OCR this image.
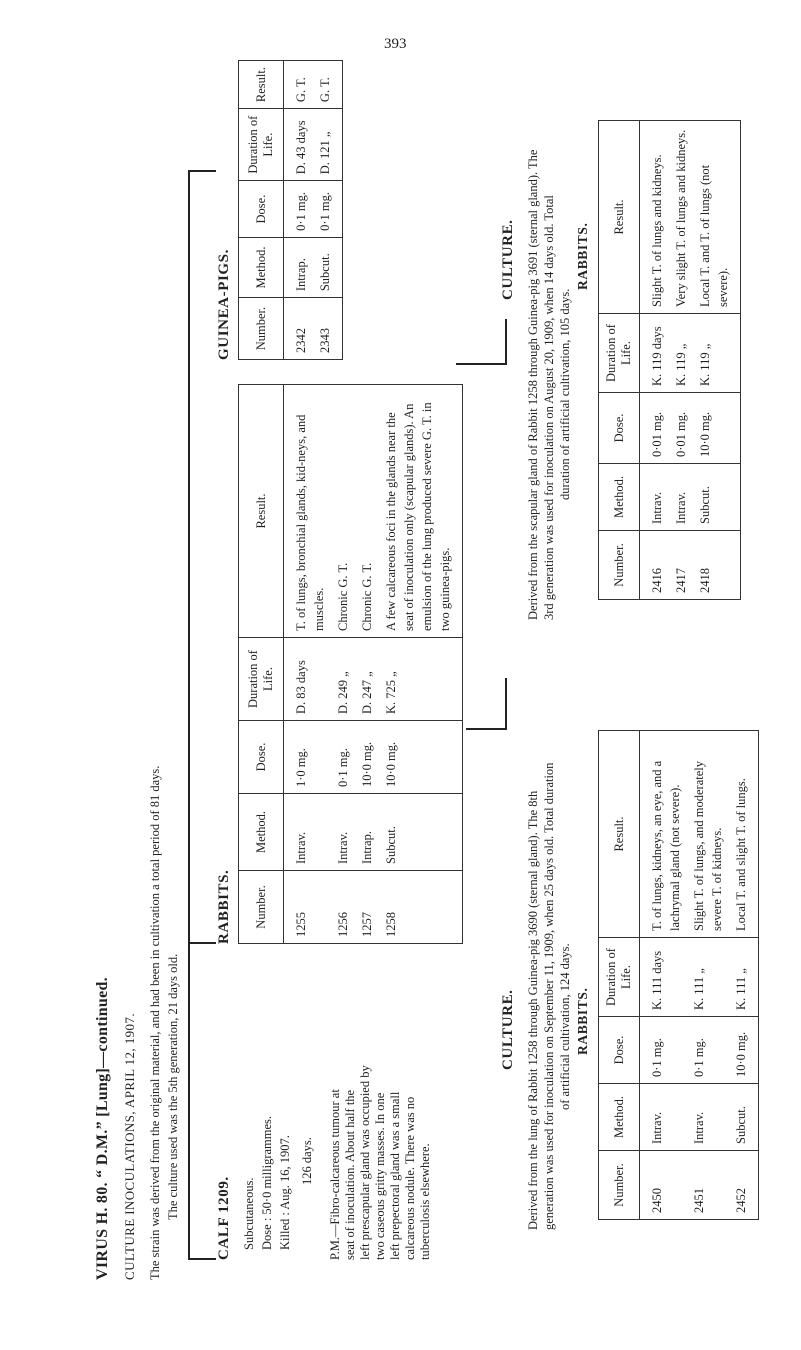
393
VIRUS H. 80. “ D.M.” [Lung]—continued. CULTURE INOCULATIONS, APRIL 12, 1907. The strain was derived from the original material, and had been in cultivation a total period of 81 days. The culture used was the 5th generation, 21 days old. CALF 1209. Subcutaneous. Dose : 50·0 milligrammes. Killed : Aug. 16, 1907. 126 days. P.M.—Fibro-calcareous tumour at seat of inoculation. About half the left prescapular gland was occupied by two caseous gritty masses. In one left prepectoral gland was a small calcareous nodule. There was no tuberculosis elsewhere.
RABBITS. Number.	Method.	Dose.	Duration of Life.	Result.
1255	Intrav.	1·0 mg.	D. 83 days	T. of lungs, bronchial glands, kid-neys, and muscles.
1256	Intrav.	0·1 mg.	D. 249 „	Chronic G. T.
1257	Intrap.	10·0 mg.	D. 247 „	Chronic G. T.
1258	Subcut.	10·0 mg.	K. 725 „	A few calcareous foci in the glands near the seat of inoculation only (scapular glands). An emulsion of the lung produced severe G. T. in two guinea-pigs.
GUINEA-PIGS. Number.	Method.	Dose.	Duration of Life.	Result.
2342	Intrap.	0·1 mg.	D. 43 days	G. T.
2343	Subcut.	0·1 mg.	D. 121 „	G. T.
CULTURE. Derived from the lung of Rabbit 1258 through Guinea-pig 3690 (sternal gland). The 8th generation was used for inoculation on September 11, 1909, when 25 days old. Total duration of artificial cultivation, 124 days. RABBITS.
Number.	Method.	Dose.	Duration of Life.	Result.
2450	Intrav.	0·1 mg.	K. 111 days	T. of lungs, kidneys, an eye, and a lachrymal gland (not severe).
2451	Intrav.	0·1 mg.	K. 111 „	Slight T. of lungs, and moderately severe T. of kidneys.
2452	Subcut.	10·0 mg.	K. 111 „	Local T. and slight T. of lungs.
CULTURE. Derived from the scapular gland of Rabbit 1258 through Guinea-pig 3691 (sternal gland). The 3rd generation was used for inoculation on August 20, 1909, when 14 days old. Total duration of artificial cultivation, 105 days.
RABBITS.
Number.	Method.	Dose.	Duration of Life.	Result.
2416	Intrav.	0·01 mg.	K. 119 days	Slight T. of lungs and kidneys.
2417	Intrav.	0·01 mg.	K. 119 „	Very slight T. of lungs and kidneys.
2418	Subcut.	10·0 mg.	K. 119 „	Local T. and T. of lungs (not severe).
